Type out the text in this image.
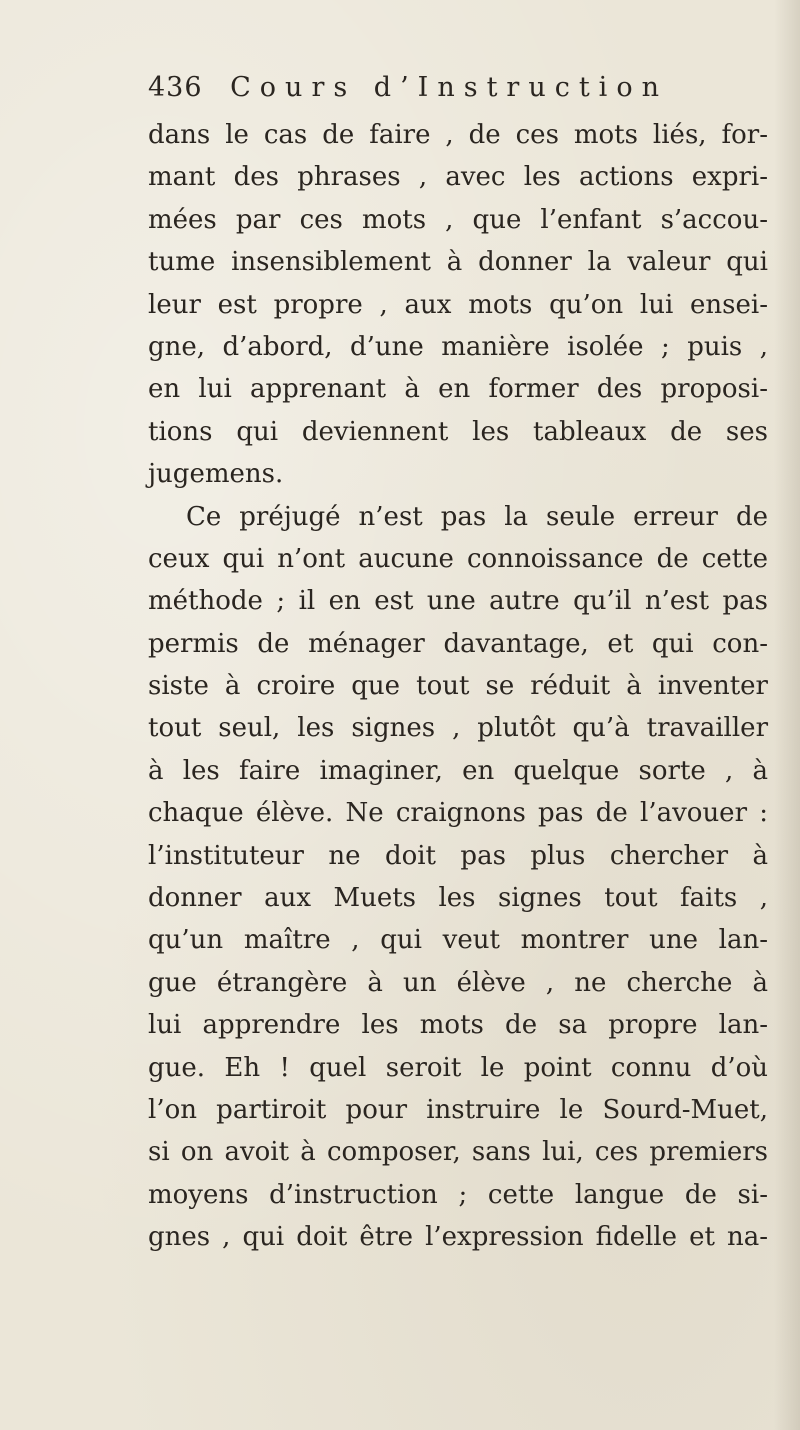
436 Cours d’Instruction
dans le cas de faire , de ces mots liés, for-
mant des phrases , avec les actions expri-
mées par ces mots , que l’enfant s’accou-
tume insensiblement à donner la valeur qui
leur est propre , aux mots qu’on lui ensei-
gne, d’abord, d’une manière isolée ; puis ,
en lui apprenant à en former des proposi-
tions qui deviennent les tableaux de ses
jugemens.
Ce préjugé n’est pas la seule erreur de
ceux qui n’ont aucune connoissance de cette
méthode ; il en est une autre qu’il n’est pas
permis de ménager davantage, et qui con-
siste à croire que tout se réduit à inventer
tout seul, les signes , plutôt qu’à travailler
à les faire imaginer, en quelque sorte , à
chaque élève. Ne craignons pas de l’avouer :
l’instituteur ne doit pas plus chercher à
donner aux Muets les signes tout faits ,
qu’un maître , qui veut montrer une lan-
gue étrangère à un élève , ne cherche à
lui apprendre les mots de sa propre lan-
gue. Eh ! quel seroit le point connu d’où
l’on partiroit pour instruire le Sourd-Muet,
si on avoit à composer, sans lui, ces premiers
moyens d’instruction ; cette langue de si-
gnes , qui doit être l’expression fidelle et na-
